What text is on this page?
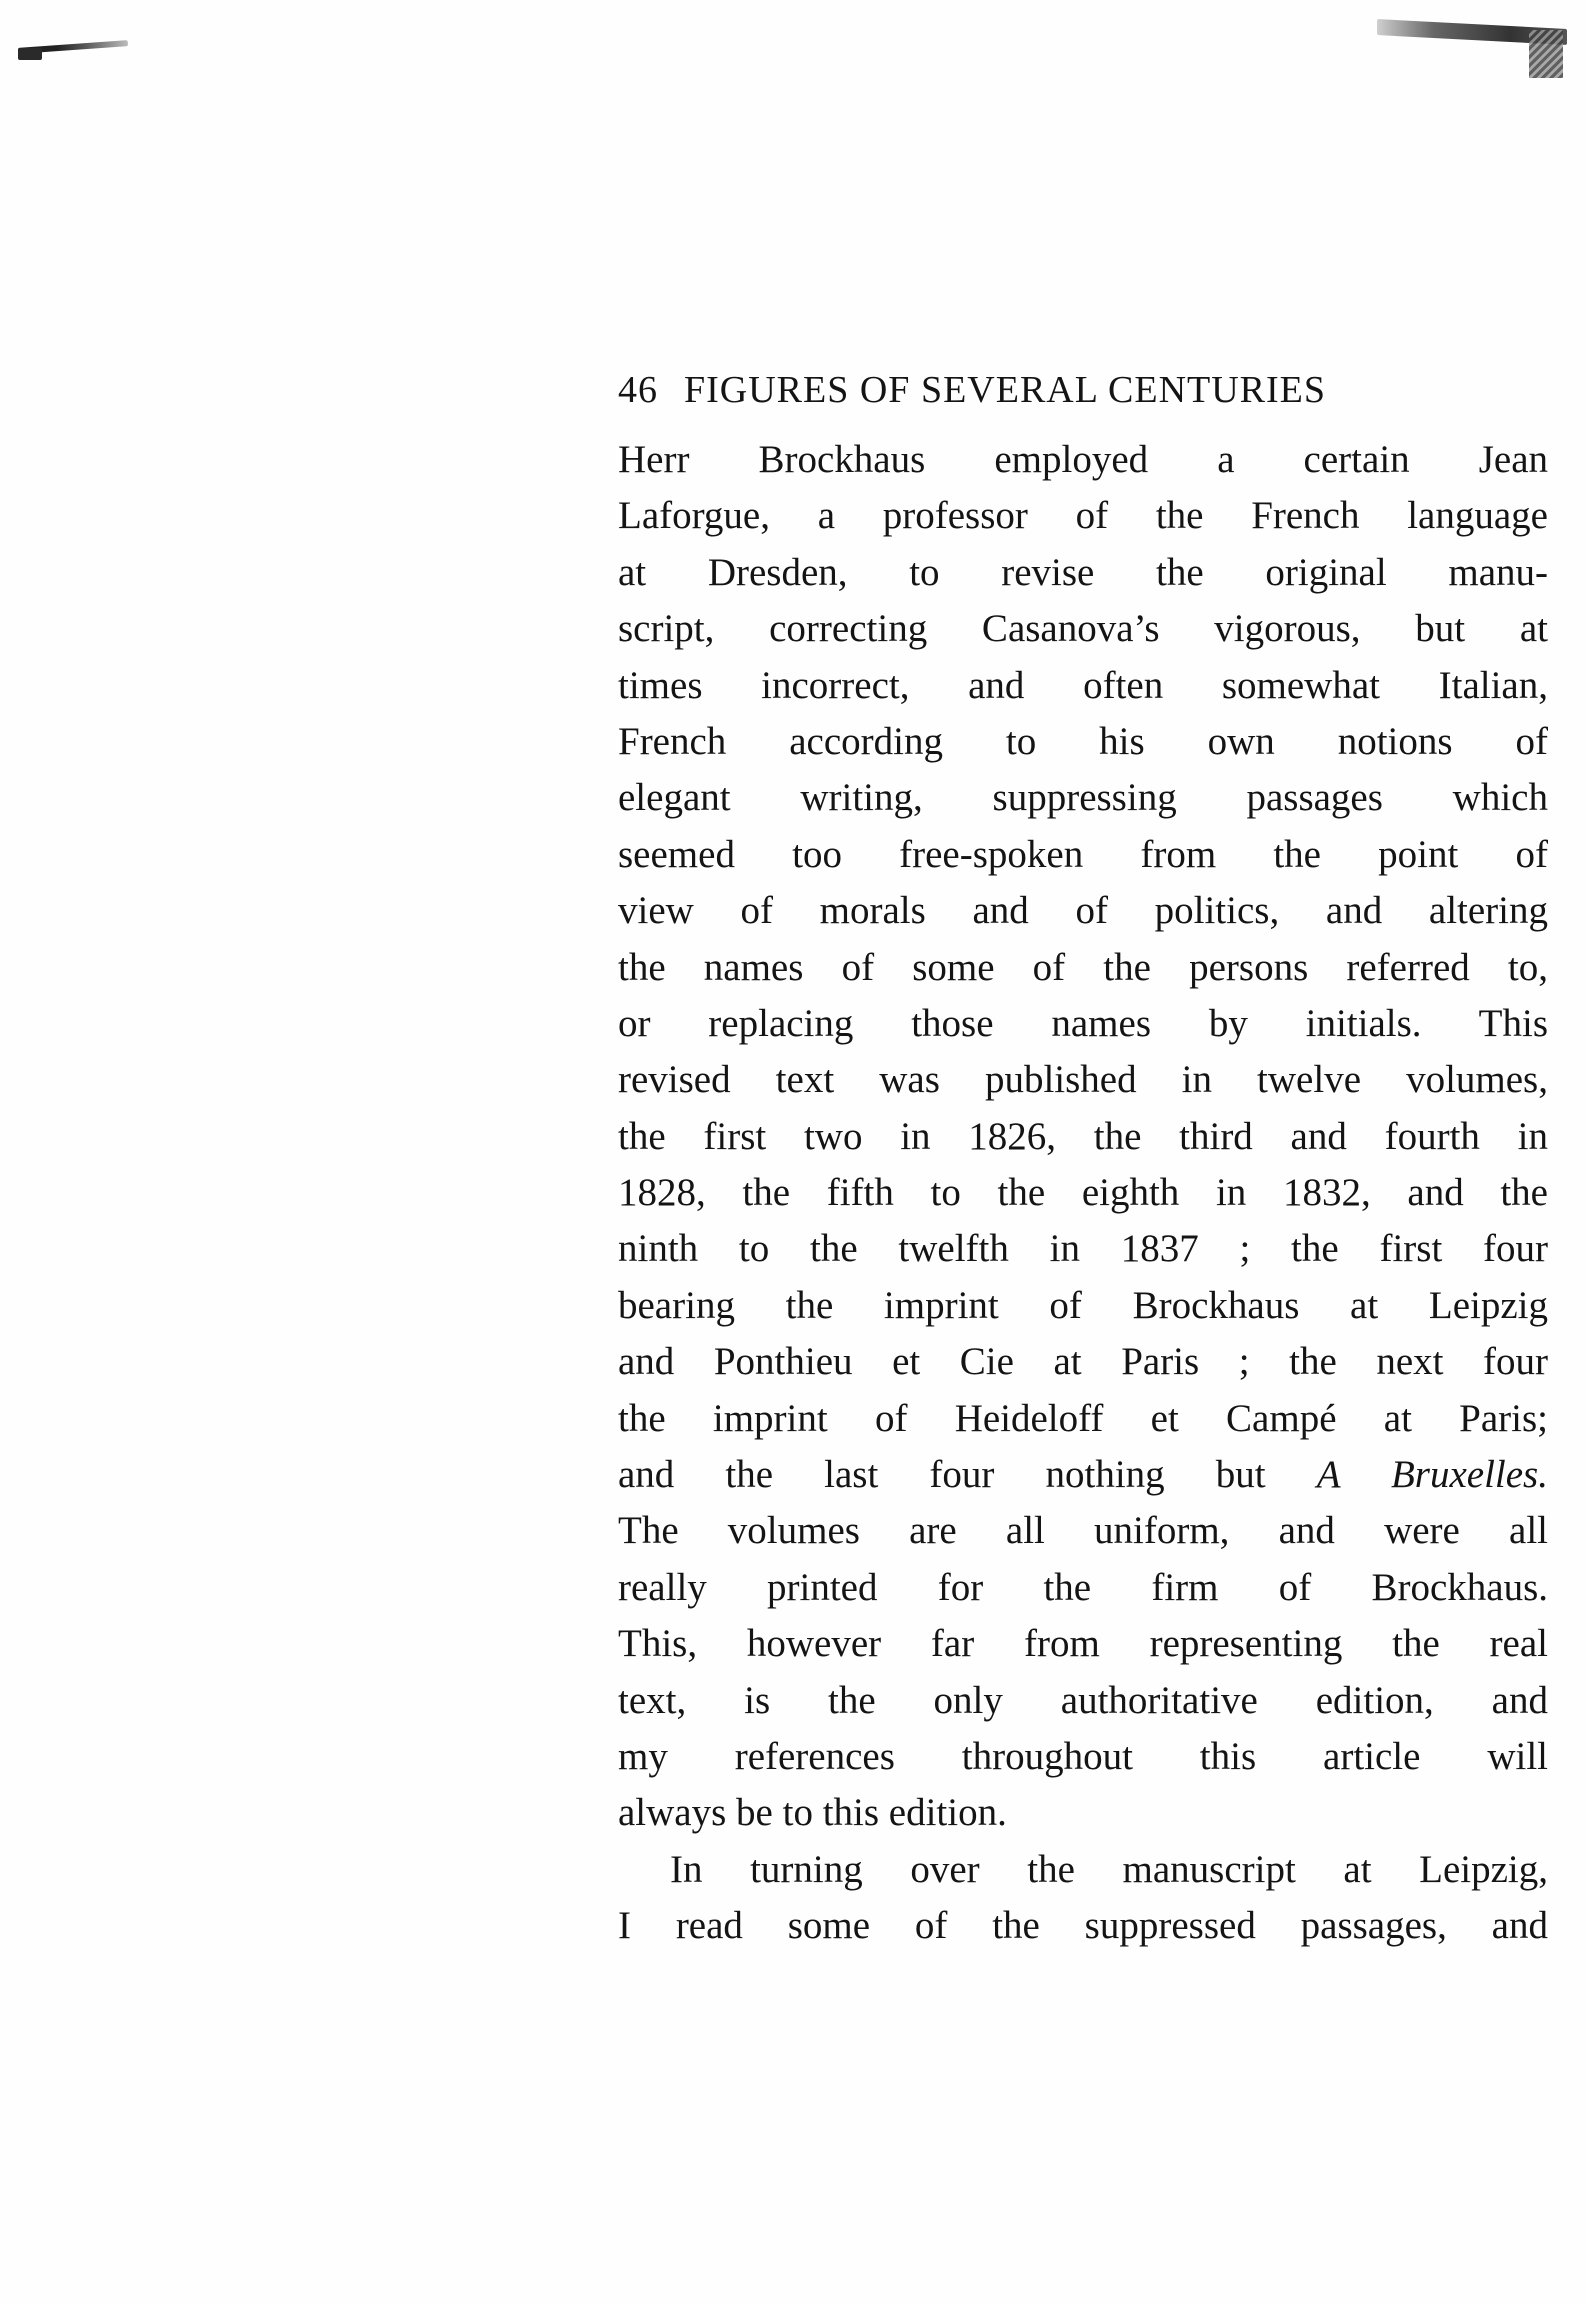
46 FIGURES OF SEVERAL CENTURIES
Herr Brockhaus employed a certain Jean
Laforgue, a professor of the French language
at Dresden, to revise the original manu-
script, correcting Casanova’s vigorous, but at
times incorrect, and often somewhat Italian,
French according to his own notions of
elegant writing, suppressing passages which
seemed too free-spoken from the point of
view of morals and of politics, and altering
the names of some of the persons referred to,
or replacing those names by initials. This
revised text was published in twelve volumes,
the first two in 1826, the third and fourth in
1828, the fifth to the eighth in 1832, and the
ninth to the twelfth in 1837 ; the first four
bearing the imprint of Brockhaus at Leipzig
and Ponthieu et Cie at Paris ; the next four
the imprint of Heideloff et Campé at Paris;
and the last four nothing but A Bruxelles.
The volumes are all uniform, and were all
really printed for the firm of Brockhaus.
This, however far from representing the real
text, is the only authoritative edition, and
my references throughout this article will
always be to this edition.
In turning over the manuscript at Leipzig,
I read some of the suppressed passages, and
